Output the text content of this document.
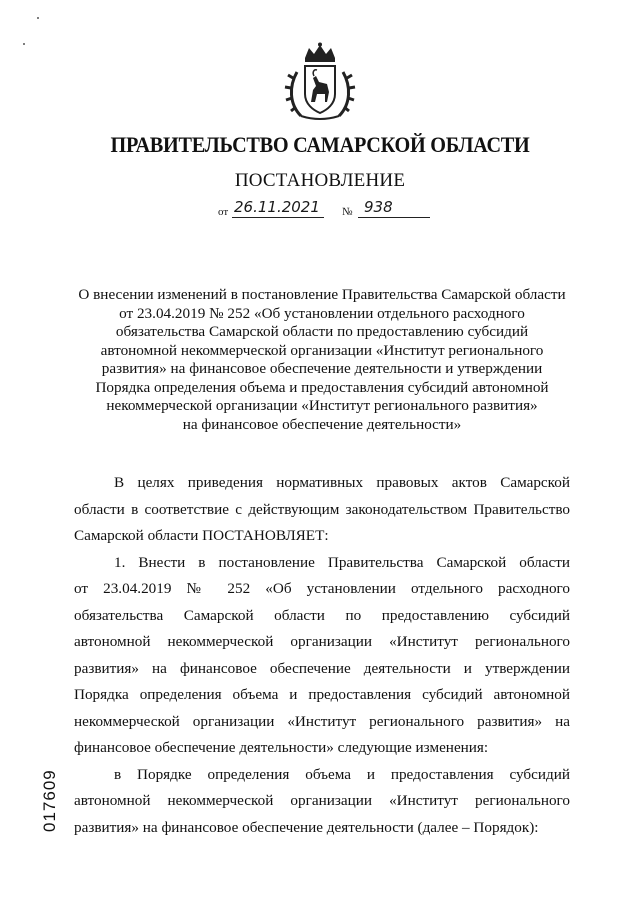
ПРАВИТЕЛЬСТВО САМАРСКОЙ ОБЛАСТИ
ПОСТАНОВЛЕНИЕ
от 26.11.2021 № 938
О внесении изменений в постановление Правительства Самарской области
от 23.04.2019 № 252 «Об установлении отдельного расходного
обязательства Самарской области по предоставлению субсидий
автономной некоммерческой организации «Институт регионального
развития» на финансовое обеспечение деятельности и утверждении
Порядка определения объема и предоставления субсидий автономной
некоммерческой организации «Институт регионального развития»
на финансовое обеспечение деятельности»
В целях приведения нормативных правовых актов Самарской
области в соответствие с действующим законодательством Правительство
Самарской области ПОСТАНОВЛЯЕТ:
1. Внести в постановление Правительства Самарской области
от 23.04.2019 № 252 «Об установлении отдельного расходного
обязательства Самарской области по предоставлению субсидий
автономной некоммерческой организации «Институт регионального
развития» на финансовое обеспечение деятельности и утверждении
Порядка определения объема и предоставления субсидий автономной
некоммерческой организации «Институт регионального развития» на
финансовое обеспечение деятельности» следующие изменения:
в Порядке определения объема и предоставления субсидий
автономной некоммерческой организации «Институт регионального
развития» на финансовое обеспечение деятельности (далее – Порядок):
017609
